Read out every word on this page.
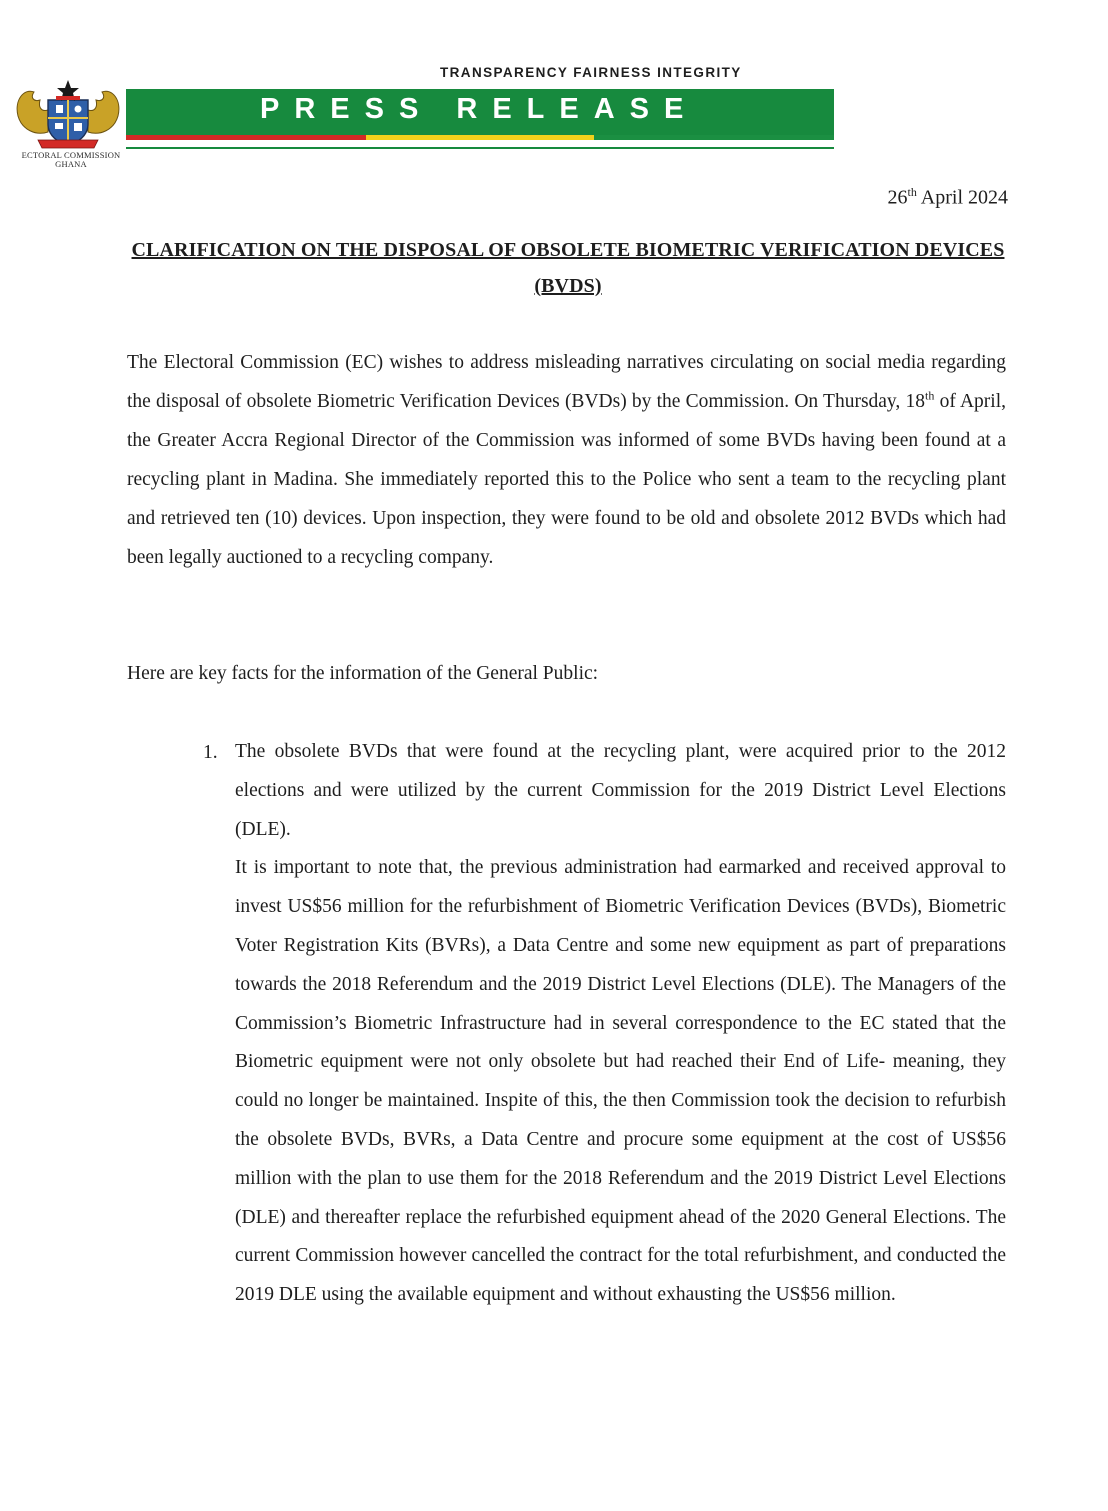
ECTORAL COMMISSION GHANA
TRANSPARENCY FAIRNESS INTEGRITY
PRESS RELEASE
26th April 2024
CLARIFICATION ON THE DISPOSAL OF OBSOLETE BIOMETRIC VERIFICATION DEVICES (BVDS)
The Electoral Commission (EC) wishes to address misleading narratives circulating on social media regarding the disposal of obsolete Biometric Verification Devices (BVDs) by the Commission. On Thursday, 18th of April, the Greater Accra Regional Director of the Commission was informed of some BVDs having been found at a recycling plant in Madina. She immediately reported this to the Police who sent a team to the recycling plant and retrieved ten (10) devices. Upon inspection, they were found to be old and obsolete 2012 BVDs which had been legally auctioned to a recycling company.
Here are key facts for the information of the General Public:
1. The obsolete BVDs that were found at the recycling plant, were acquired prior to the 2012 elections and were utilized by the current Commission for the 2019 District Level Elections (DLE).

It is important to note that, the previous administration had earmarked and received approval to invest US$56 million for the refurbishment of Biometric Verification Devices (BVDs), Biometric Voter Registration Kits (BVRs), a Data Centre and some new equipment as part of preparations towards the 2018 Referendum and the 2019 District Level Elections (DLE). The Managers of the Commission’s Biometric Infrastructure had in several correspondence to the EC stated that the Biometric equipment were not only obsolete but had reached their End of Life- meaning, they could no longer be maintained. Inspite of this, the then Commission took the decision to refurbish the obsolete BVDs, BVRs, a Data Centre and procure some equipment at the cost of US$56 million with the plan to use them for the 2018 Referendum and the 2019 District Level Elections (DLE) and thereafter replace the refurbished equipment ahead of the 2020 General Elections. The current Commission however cancelled the contract for the total refurbishment, and conducted the 2019 DLE using the available equipment and without exhausting the US$56 million.
